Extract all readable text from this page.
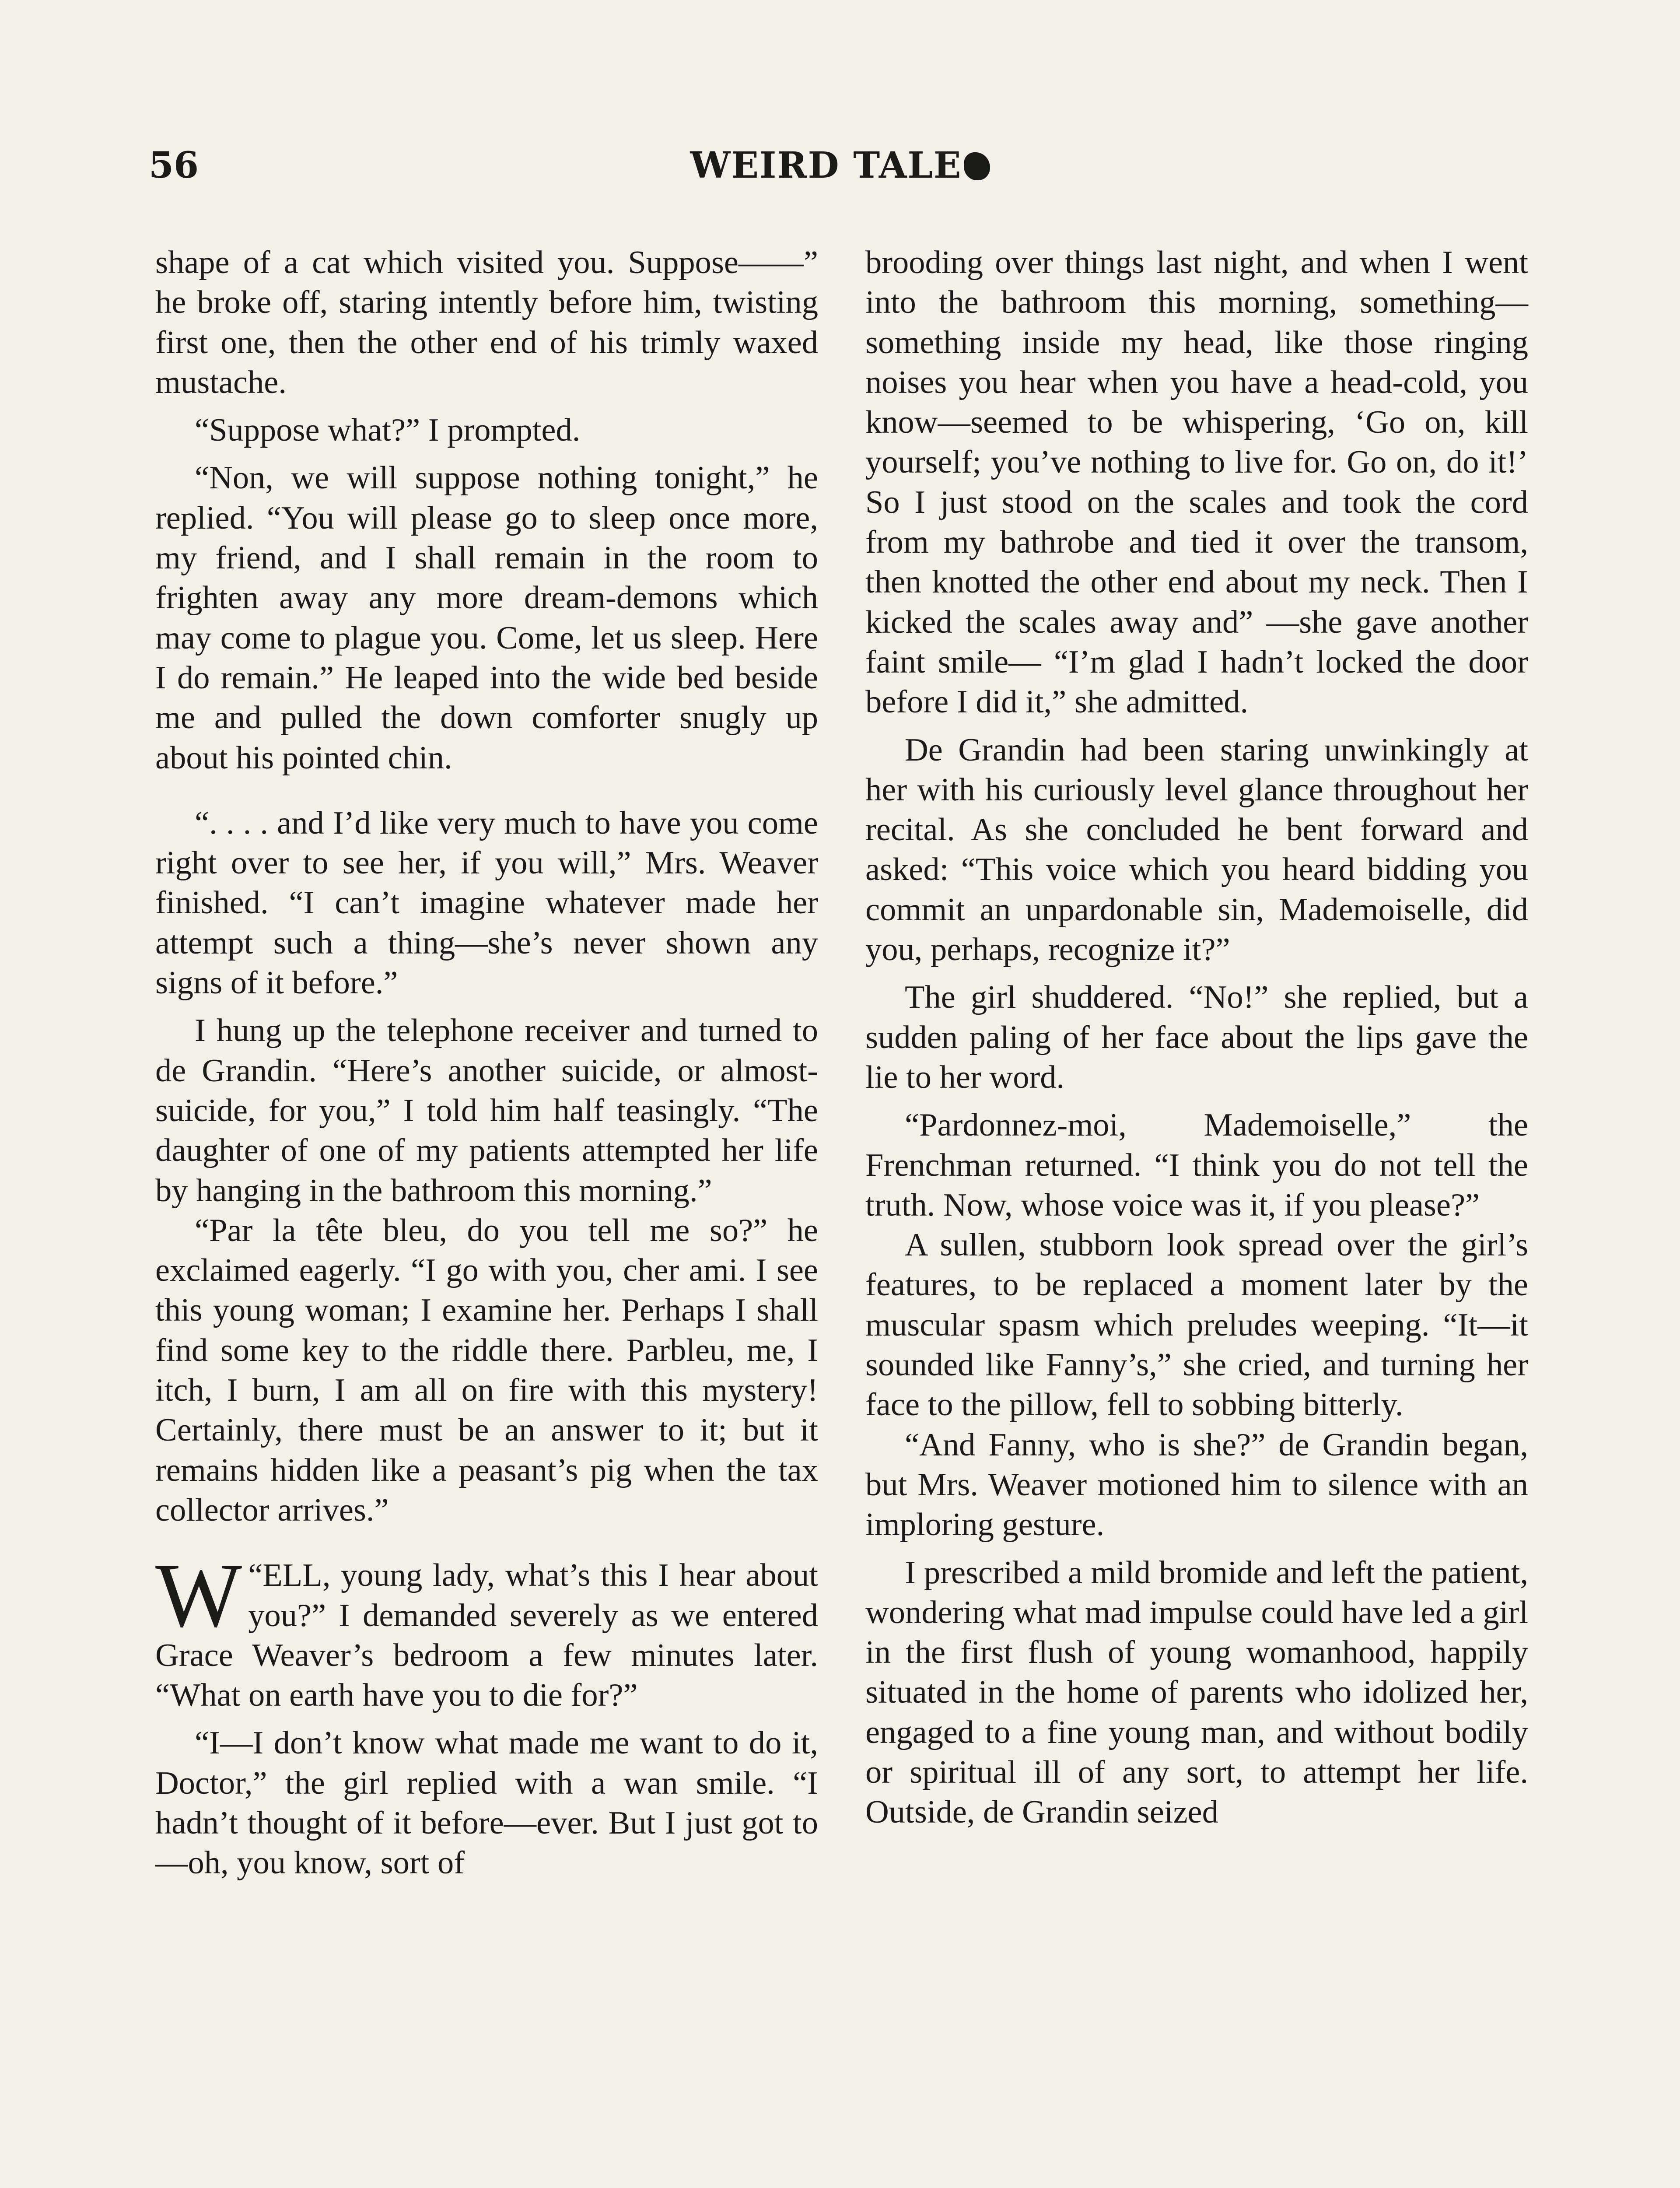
56	WEIRD TALE

shape of a cat which visited you. Suppose——” he broke off, staring intently before him, twisting first one, then the other end of his trimly waxed mustache.

“Suppose what?” I prompted.

“Non, we will suppose nothing tonight,” he replied. “You will please go to sleep once more, my friend, and I shall remain in the room to frighten away any more dream-demons which may come to plague you. Come, let us sleep. Here I do remain.” He leaped into the wide bed beside me and pulled the down comforter snugly up about his pointed chin.

“. . . . and I’d like very much to have you come right over to see her, if you will,” Mrs. Weaver finished. “I can’t imagine whatever made her attempt such a thing—she’s never shown any signs of it before.”

I hung up the telephone receiver and turned to de Grandin. “Here’s another suicide, or almost-suicide, for you,” I told him half teasingly. “The daughter of one of my patients attempted her life by hanging in the bathroom this morning.”

“Par la tête bleu, do you tell me so?” he exclaimed eagerly. “I go with you, cher ami. I see this young woman; I examine her. Perhaps I shall find some key to the riddle there. Parbleu, me, I itch, I burn, I am all on fire with this mystery! Certainly, there must be an answer to it; but it remains hidden like a peasant’s pig when the tax collector arrives.”

“
W ELL, young lady, what’s this I hear about you?” I demanded severely as we entered Grace Weaver’s bedroom a few minutes later. “What on earth have you to die for?”

“I—I don’t know what made me want to do it, Doctor,” the girl replied with a wan smile. “I hadn’t thought of it before—ever. But I just got to—oh, you know, sort of

brooding over things last night, and when I went into the bathroom this morning, something—something inside my head, like those ringing noises you hear when you have a head-cold, you know—seemed to be whispering, ‘Go on, kill yourself; you’ve nothing to live for. Go on, do it!’ So I just stood on the scales and took the cord from my bathrobe and tied it over the transom, then knotted the other end about my neck. Then I kicked the scales away and” —she gave another faint smile— “I’m glad I hadn’t locked the door before I did it,” she admitted.

De Grandin had been staring unwinkingly at her with his curiously level glance throughout her recital. As she concluded he bent forward and asked: “This voice which you heard bidding you commit an unpardonable sin, Mademoiselle, did you, perhaps, recognize it?”

The girl shuddered. “No!” she replied, but a sudden paling of her face about the lips gave the lie to her word.

“Pardonnez-moi, Mademoiselle,” the Frenchman returned. “I think you do not tell the truth. Now, whose voice was it, if you please?”

A sullen, stubborn look spread over the girl’s features, to be replaced a moment later by the muscular spasm which preludes weeping. “It—it sounded like Fanny’s,” she cried, and turning her face to the pillow, fell to sobbing bitterly.

“And Fanny, who is she?” de Grandin began, but Mrs. Weaver motioned him to silence with an imploring gesture.

I prescribed a mild bromide and left the patient, wondering what mad impulse could have led a girl in the first flush of young womanhood, happily situated in the home of parents who idolized her, engaged to a fine young man, and without bodily or spiritual ill of any sort, to attempt her life. Outside, de Grandin seized
